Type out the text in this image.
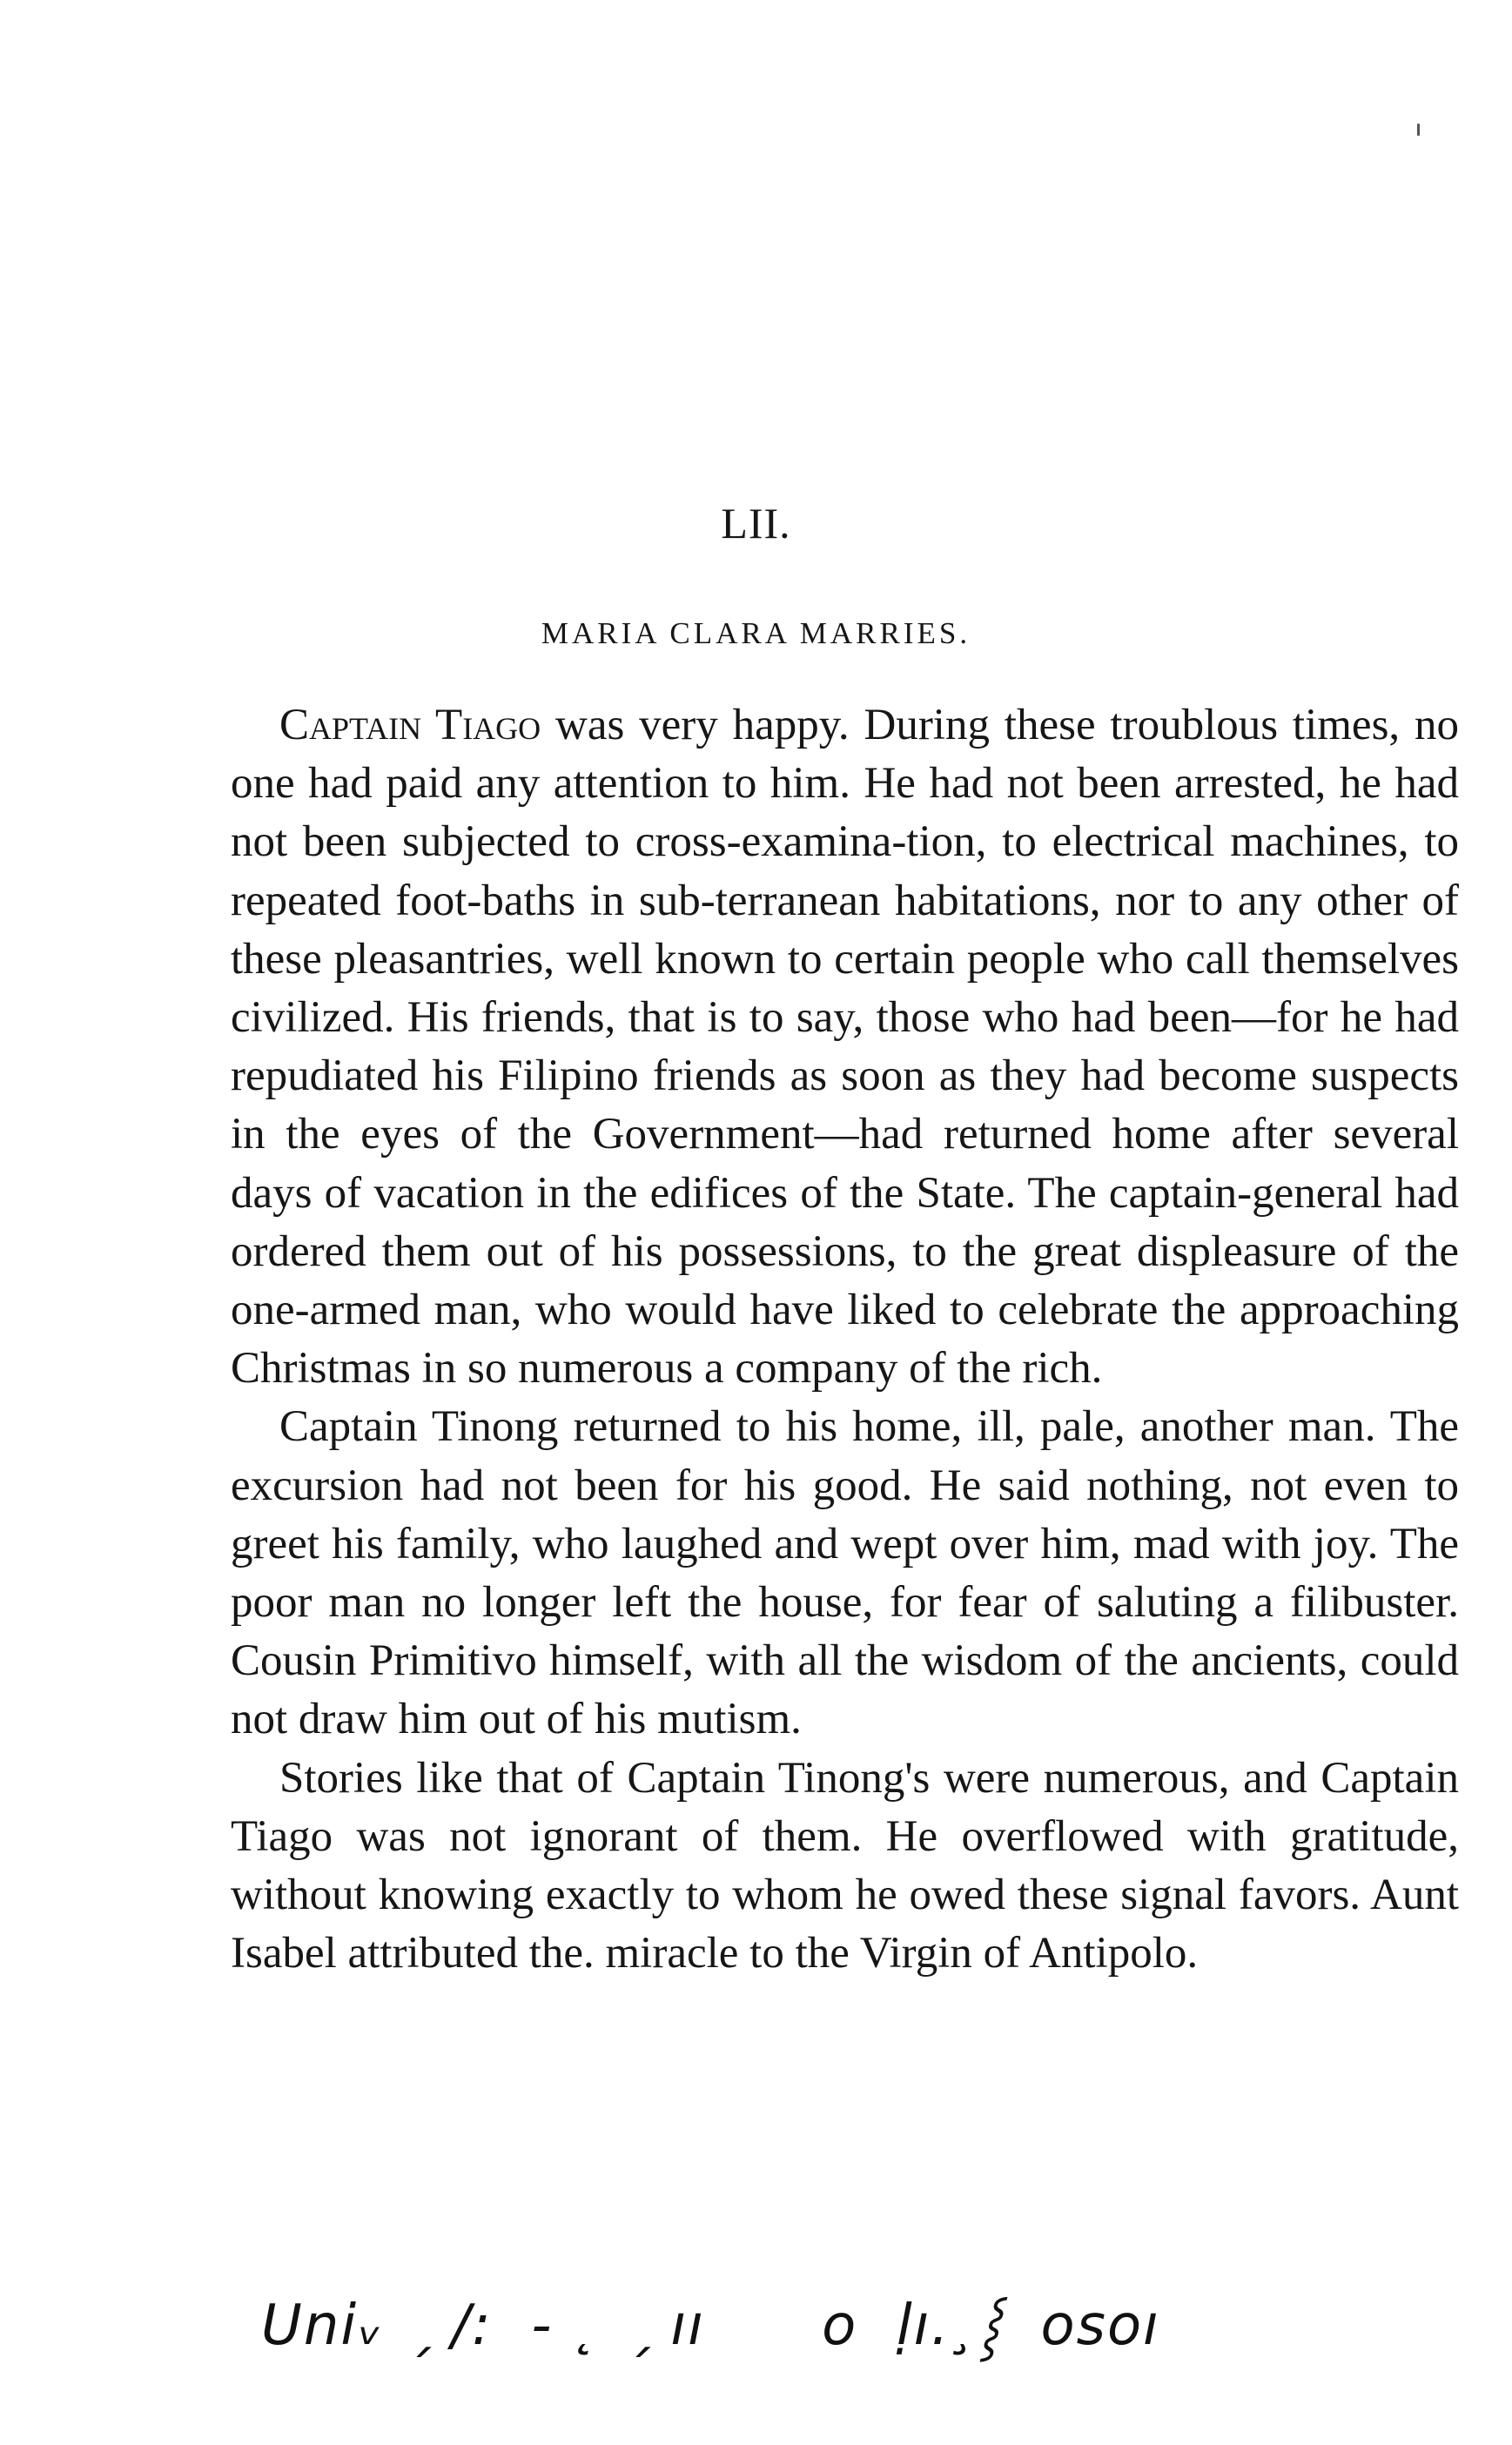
LII.
MARIA CLARA MARRIES.

Captain Tiago was very happy. During these troublous times, no one had paid any attention to him. He had not been arrested, he had not been subjected to cross-examina-tion, to electrical machines, to repeated foot-baths in sub-terranean habitations, nor to any other of these pleasantries, well known to certain people who call themselves civilized. His friends, that is to say, those who had been—for he had repudiated his Filipino friends as soon as they had become suspects in the eyes of the Government—had returned home after several days of vacation in the edifices of the State. The captain-general had ordered them out of his possessions, to the great displeasure of the one-armed man, who would have liked to celebrate the approaching Christmas in so numerous a company of the rich.

Captain Tinong returned to his home, ill, pale, another man. The excursion had not been for his good. He said nothing, not even to greet his family, who laughed and wept over him, mad with joy. The poor man no longer left the house, for fear of saluting a filibuster. Cousin Primitivo himself, with all the wisdom of the ancients, could not draw him out of his mutism.

Stories like that of Captain Tinong's were numerous, and Captain Tiago was not ignorant of them. He overflowed with gratitude, without knowing exactly to whom he owed these signal favors. Aunt Isabel attributed the. miracle to the Virgin of Antipolo.

Uniᵥ ˏ /:  - ˛ ˏ ıı      o  ḷı.¸⸾  osoı
